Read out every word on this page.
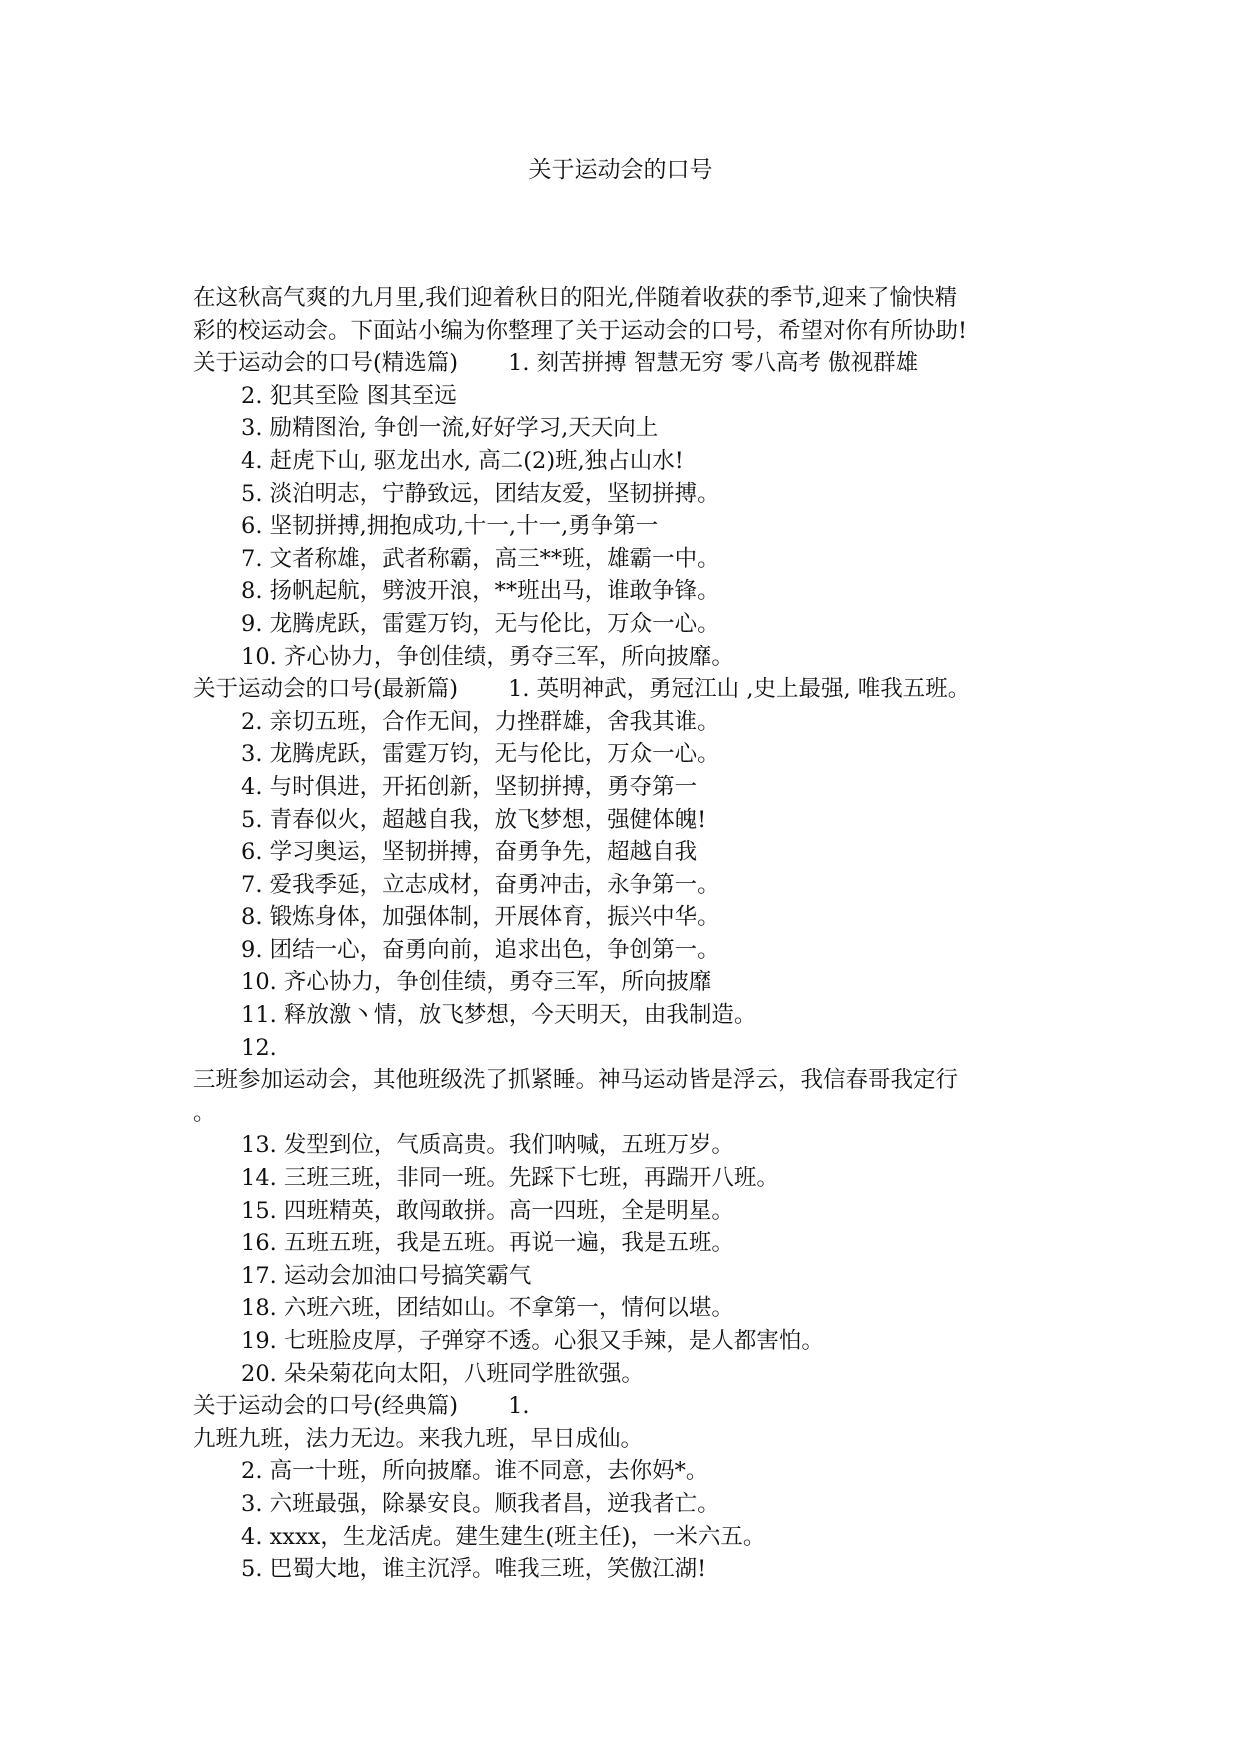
关于运动会的口号
在这秋高气爽的九月里,我们迎着秋日的阳光,伴随着收获的季节,迎来了愉快精
彩的校运动会。下面站小编为你整理了关于运动会的口号，希望对你有所协助!
关于运动会的口号(精选篇) 1. 刻苦拼搏 智慧无穷 零八高考 傲视群雄
2. 犯其至险 图其至远
3. 励精图治, 争创一流,好好学习,天天向上
4. 赶虎下山, 驱龙出水, 高二(2)班,独占山水!
5. 淡泊明志，宁静致远，团结友爱，坚韧拼搏。
6. 坚韧拼搏,拥抱成功,十一,十一,勇争第一
7. 文者称雄，武者称霸，高三**班，雄霸一中。
8. 扬帆起航，劈波开浪，**班出马，谁敢争锋。
9. 龙腾虎跃，雷霆万钧，无与伦比，万众一心。
10. 齐心协力，争创佳绩，勇夺三军，所向披靡。
关于运动会的口号(最新篇) 1. 英明神武，勇冠江山 ,史上最强, 唯我五班。
2. 亲切五班，合作无间，力挫群雄，舍我其谁。
3. 龙腾虎跃，雷霆万钧，无与伦比，万众一心。
4. 与时俱进，开拓创新，坚韧拼搏，勇夺第一
5. 青春似火，超越自我，放飞梦想，强健体魄!
6. 学习奥运，坚韧拼搏，奋勇争先，超越自我
7. 爱我季延，立志成材，奋勇冲击，永争第一。
8. 锻炼身体，加强体制，开展体育，振兴中华。
9. 团结一心，奋勇向前，追求出色，争创第一。
10. 齐心协力，争创佳绩，勇夺三军，所向披靡
11. 释放激丶情，放飞梦想，今天明天，由我制造。
12.
三班参加运动会，其他班级洗了抓紧睡。神马运动皆是浮云，我信春哥我定行
。
13. 发型到位，气质高贵。我们呐喊，五班万岁。
14. 三班三班，非同一班。先踩下七班，再踹开八班。
15. 四班精英，敢闯敢拼。高一四班，全是明星。
16. 五班五班，我是五班。再说一遍，我是五班。
17. 运动会加油口号搞笑霸气
18. 六班六班，团结如山。不拿第一，情何以堪。
19. 七班脸皮厚，子弹穿不透。心狠又手辣，是人都害怕。
20. 朵朵菊花向太阳，八班同学胜欲强。
关于运动会的口号(经典篇) 1.
九班九班，法力无边。来我九班，早日成仙。
2. 高一十班，所向披靡。谁不同意，去你妈*。
3. 六班最强，除暴安良。顺我者昌，逆我者亡。
4. xxxx，生龙活虎。建生建生(班主任)，一米六五。
5. 巴蜀大地，谁主沉浮。唯我三班，笑傲江湖!
